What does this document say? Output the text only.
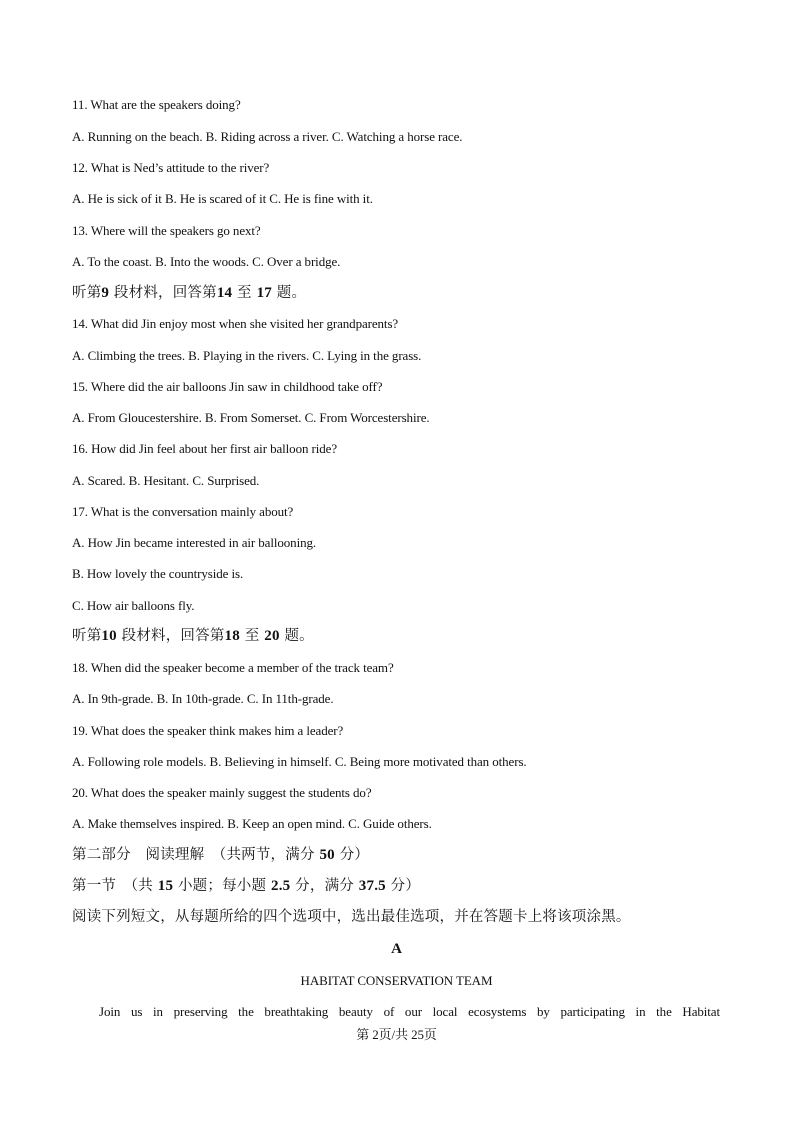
11. What are the speakers doing?
A. Running on the beach. B. Riding across a river. C. Watching a horse race.
12. What is Ned’s attitude to the river?
A. He is sick of it B. He is scared of it C. He is fine with it.
13. Where will the speakers go next?
A. To the coast. B. Into the woods. C. Over a bridge.
听第9 段材料，回答第14 至 17 题。
14. What did Jin enjoy most when she visited her grandparents?
A. Climbing the trees. B. Playing in the rivers. C. Lying in the grass.
15. Where did the air balloons Jin saw in childhood take off?
A. From Gloucestershire. B. From Somerset. C. From Worcestershire.
16. How did Jin feel about her first air balloon ride?
A. Scared. B. Hesitant. C. Surprised.
17. What is the conversation mainly about?
A. How Jin became interested in air ballooning.
B. How lovely the countryside is.
C. How air balloons fly.
听第10 段材料，回答第18 至 20 题。
18. When did the speaker become a member of the track team?
A. In 9th-grade. B. In 10th-grade. C. In 11th-grade.
19. What does the speaker think makes him a leader?
A. Following role models. B. Believing in himself. C. Being more motivated than others.
20. What does the speaker mainly suggest the students do?
A. Make themselves inspired. B. Keep an open mind. C. Guide others.
第二部分　阅读理解　（共两节，满分 50 分）
第一节　（共 15 小题；每小题 2.5 分，满分 37.5 分）
阅读下列短文，从每题所给的四个选项中，选出最佳选项，并在答题卡上将该项涂黑。
A
HABITAT CONSERVATION TEAM
Join us in preserving the breathtaking beauty of our local ecosystems by participating in the Habitat
第 2页/共 25页
